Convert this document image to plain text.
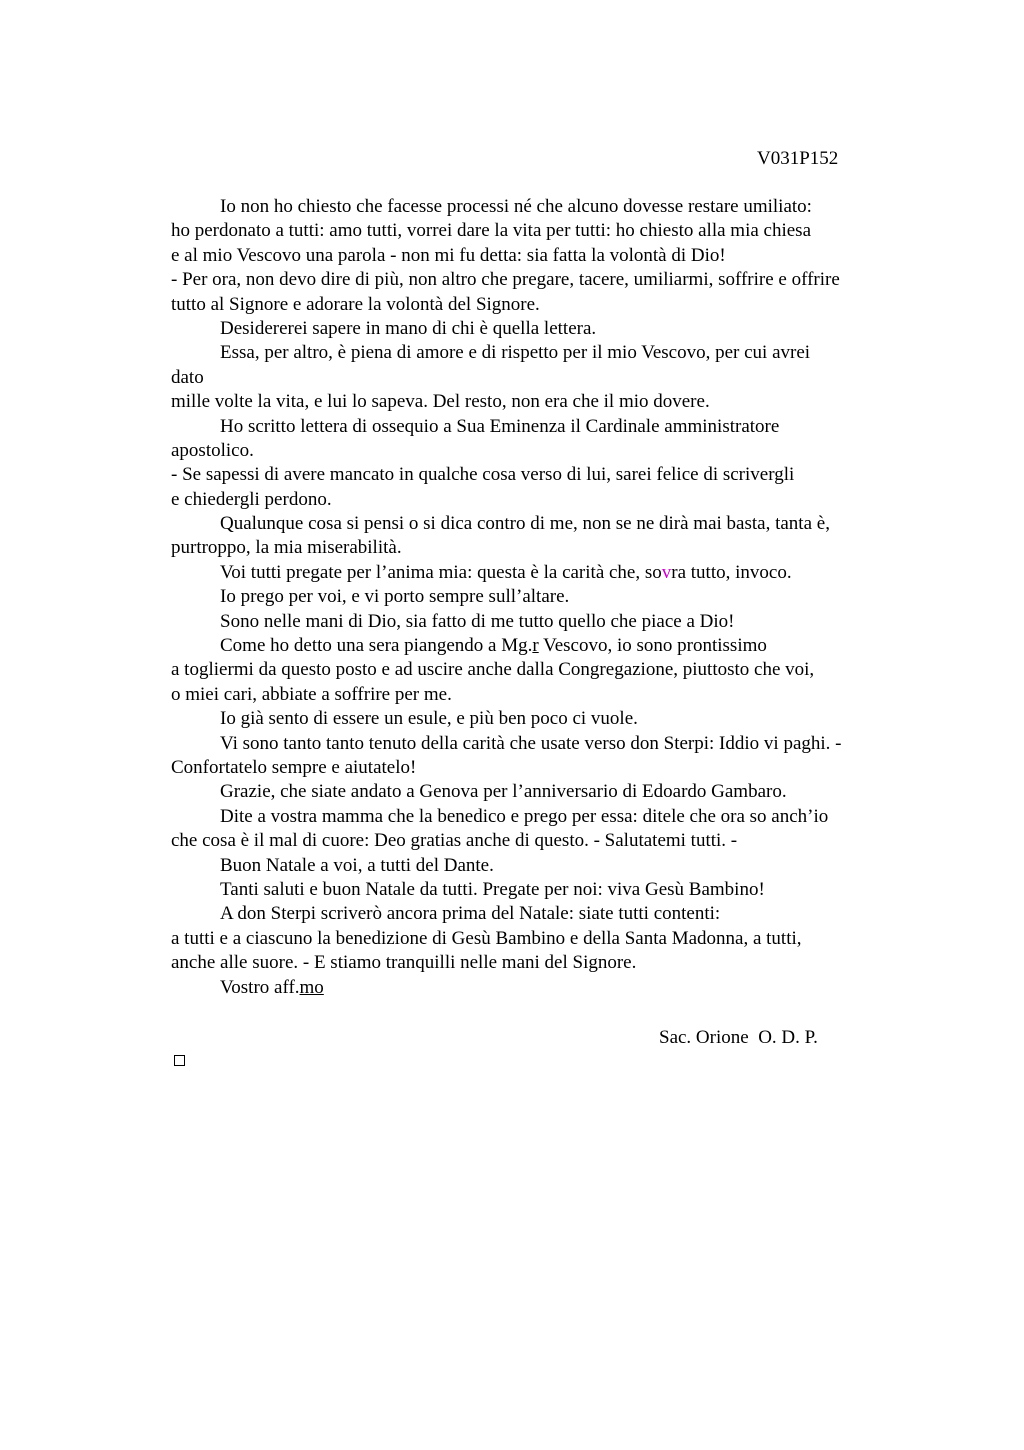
V031P152
Io non ho chiesto che facesse processi né che alcuno dovesse restare umiliato:
ho perdonato a tutti: amo tutti, vorrei dare la vita per tutti: ho chiesto alla mia chiesa
e al mio Vescovo una parola - non mi fu detta: sia fatta la volontà di Dio!
- Per ora, non devo dire di più, non altro che pregare, tacere, umiliarmi, soffrire e offrire
tutto al Signore e adorare la volontà del Signore.
Desidererei sapere in mano di chi è quella lettera.
Essa, per altro, è piena di amore e di rispetto per il mio Vescovo, per cui avrei
dato
mille volte la vita, e lui lo sapeva. Del resto, non era che il mio dovere.
Ho scritto lettera di ossequio a Sua Eminenza il Cardinale amministratore
apostolico.
- Se sapessi di avere mancato in qualche cosa verso di lui, sarei felice di scrivergli
e chiedergli perdono.
Qualunque cosa si pensi o si dica contro di me, non se ne dirà mai basta, tanta è,
purtroppo, la mia miserabilità.
Voi tutti pregate per l’anima mia: questa è la carità che, sovra tutto, invoco.
Io prego per voi, e vi porto sempre sull’altare.
Sono nelle mani di Dio, sia fatto di me tutto quello che piace a Dio!
Come ho detto una sera piangendo a Mg.r Vescovo, io sono prontissimo
a togliermi da questo posto e ad uscire anche dalla Congregazione, piuttosto che voi,
o miei cari, abbiate a soffrire per me.
Io già sento di essere un esule, e più ben poco ci vuole.
Vi sono tanto tanto tenuto della carità che usate verso don Sterpi: Iddio vi paghi. -
Confortatelo sempre e aiutatelo!
Grazie, che siate andato a Genova per l’anniversario di Edoardo Gambaro.
Dite a vostra mamma che la benedico e prego per essa: ditele che ora so anch’io
che cosa è il mal di cuore: Deo gratias anche di questo. - Salutatemi tutti. -
Buon Natale a voi, a tutti del Dante.
Tanti saluti e buon Natale da tutti. Pregate per noi: viva Gesù Bambino!
A don Sterpi scriverò ancora prima del Natale: siate tutti contenti:
a tutti e a ciascuno la benedizione di Gesù Bambino e della Santa Madonna, a tutti,
anche alle suore. - E stiamo tranquilli nelle mani del Signore.
Vostro aff.mo
Sac. Orione  O. D. P.
